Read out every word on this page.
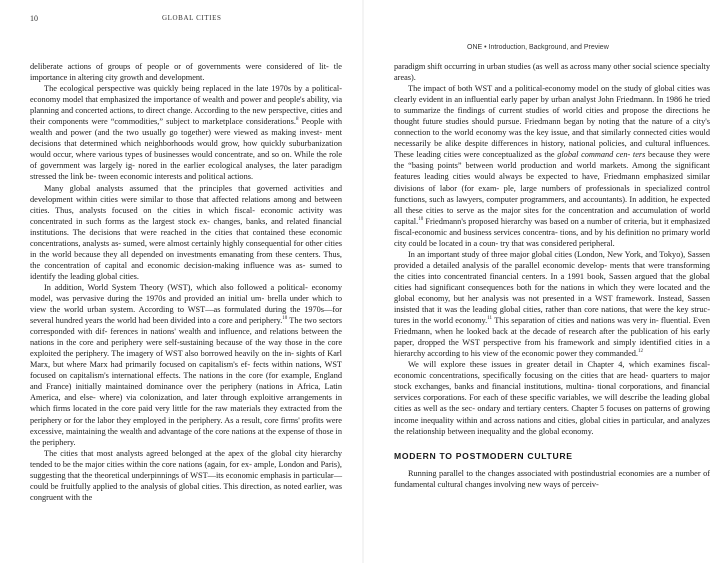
10	GLOBAL CITIES

deliberate actions of groups of people or of governments were considered of lit- tle importance in altering city growth and development.

The ecological perspective was quickly being replaced in the late 1970s by a political-economy model that emphasized the importance of wealth and power and people's ability, via planning and concerted actions, to direct change. According to the new perspective, cities and their components were “commodities,” subject to marketplace considerations.$^8$ People with wealth and power (and the two usually go together) were viewed as making invest- ment decisions that determined which neighborhoods would grow, how quickly suburbanization would occur, where various types of businesses would concentrate, and so on. While the role of government was largely ig- nored in the earlier ecological analyses, the later paradigm stressed the link be- tween economic interests and political actions.

Many global analysts assumed that the principles that governed activities and development within cities were similar to those that affected relations among and between cities. Thus, analysts focused on the cities in which fiscal- economic activity was concentrated in such forms as the largest stock ex- changes, banks, and related financial institutions. The decisions that were reached in the cities that contained these economic concentrations, analysts as- sumed, were almost certainly highly consequential for other cities in the world because they all depended on investments emanating from these centers. Thus, the concentration of capital and economic decision-making influence was as- sumed to identify the leading global cities.

In addition, World System Theory (WST), which also followed a political- economy model, was pervasive during the 1970s and provided an initial um- brella under which to view the world urban system. According to WST—as formulated during the 1970s—for several hundred years the world had been divided into a core and periphery.$^{10}$ The two sectors corresponded with dif- ferences in nations' wealth and influence, and relations between the nations in the core and periphery were self-sustaining because of the way those in the core exploited the periphery. The imagery of WST also borrowed heavily on the in- sights of Karl Marx, but where Marx had primarily focused on capitalism's ef- fects within nations, WST focused on capitalism's international effects. The nations in the core (for example, England and France) initially maintained dominance over the periphery (nations in Africa, Latin America, and else- where) via colonization, and later through exploitive arrangements in which firms located in the core paid very little for the raw materials they extracted from the periphery or for the labor they employed in the periphery. As a result, core firms' profits were excessive, maintaining the wealth and advantage of the core nations at the expense of those in the periphery.

The cities that most analysts agreed belonged at the apex of the global city hierarchy tended to be the major cities within the core nations (again, for ex- ample, London and Paris), suggesting that the theoretical underpinnings of WST—its economic emphasis in particular—could be fruitfully applied to the analysis of global cities. This direction, as noted earlier, was congruent with the

ONE • Introduction, Background, and Preview

paradigm shift occurring in urban studies (as well as across many other social science specialty areas).

The impact of both WST and a political-economy model on the study of global cities was clearly evident in an influential early paper by urban analyst John Friedmann. In 1986 he tried to summarize the findings of current studies of world cities and propose the directions he thought future studies should pursue. Friedmann began by noting that the nature of a city's connection to the world economy was the key issue, and that similarly connected cities would necessarily be alike despite differences in history, national policies, and cultural influences. These leading cities were conceptualized as the global command cen- ters because they were the “basing points” between world production and world markets. Among the significant features leading cities would always be expected to have, Friedmann emphasized similar divisions of labor (for exam- ple, large numbers of professionals in specialized control functions, such as lawyers, computer programmers, and accountants). In addition, he expected all these cities to serve as the major sites for the concentration and accumulation of world capital.$^{10}$ Friedmann's proposed hierarchy was based on a number of criteria, but it emphasized fiscal-economic and business services concentra- tions, and by his definition no primary world city could be located in a coun- try that was considered peripheral.

In an important study of three major global cities (London, New York, and Tokyo), Sassen provided a detailed analysis of the parallel economic develop- ments that were transforming the cities into concentrated financial centers. In a 1991 book, Sassen argued that the global cities had significant consequences both for the nations in which they were located and the global economy, but her analysis was not presented in a WST framework. Instead, Sassen insisted that it was the leading global cities, rather than core nations, that were the key struc- tures in the world economy.$^{11}$ This separation of cities and nations was very in- fluential. Even Friedmann, when he looked back at the decade of research after the publication of his early paper, dropped the WST perspective from his framework and simply identified cities in a hierarchy according to his view of the economic power they commanded.$^{12}$

We will explore these issues in greater detail in Chapter 4, which examines fiscal-economic concentrations, specifically focusing on the cities that are head- quarters to major stock exchanges, banks and financial institutions, multina- tional corporations, and financial services corporations. For each of these specific variables, we will describe the leading global cities as well as the sec- ondary and tertiary centers. Chapter 5 focuses on patterns of growing income inequality within and across nations and cities, global cities in particular, and analyzes the relationship between inequality and the global economy.

MODERN TO POSTMODERN CULTURE

Running parallel to the changes associated with postindustrial economies are a number of fundamental cultural changes involving new ways of perceiv-
